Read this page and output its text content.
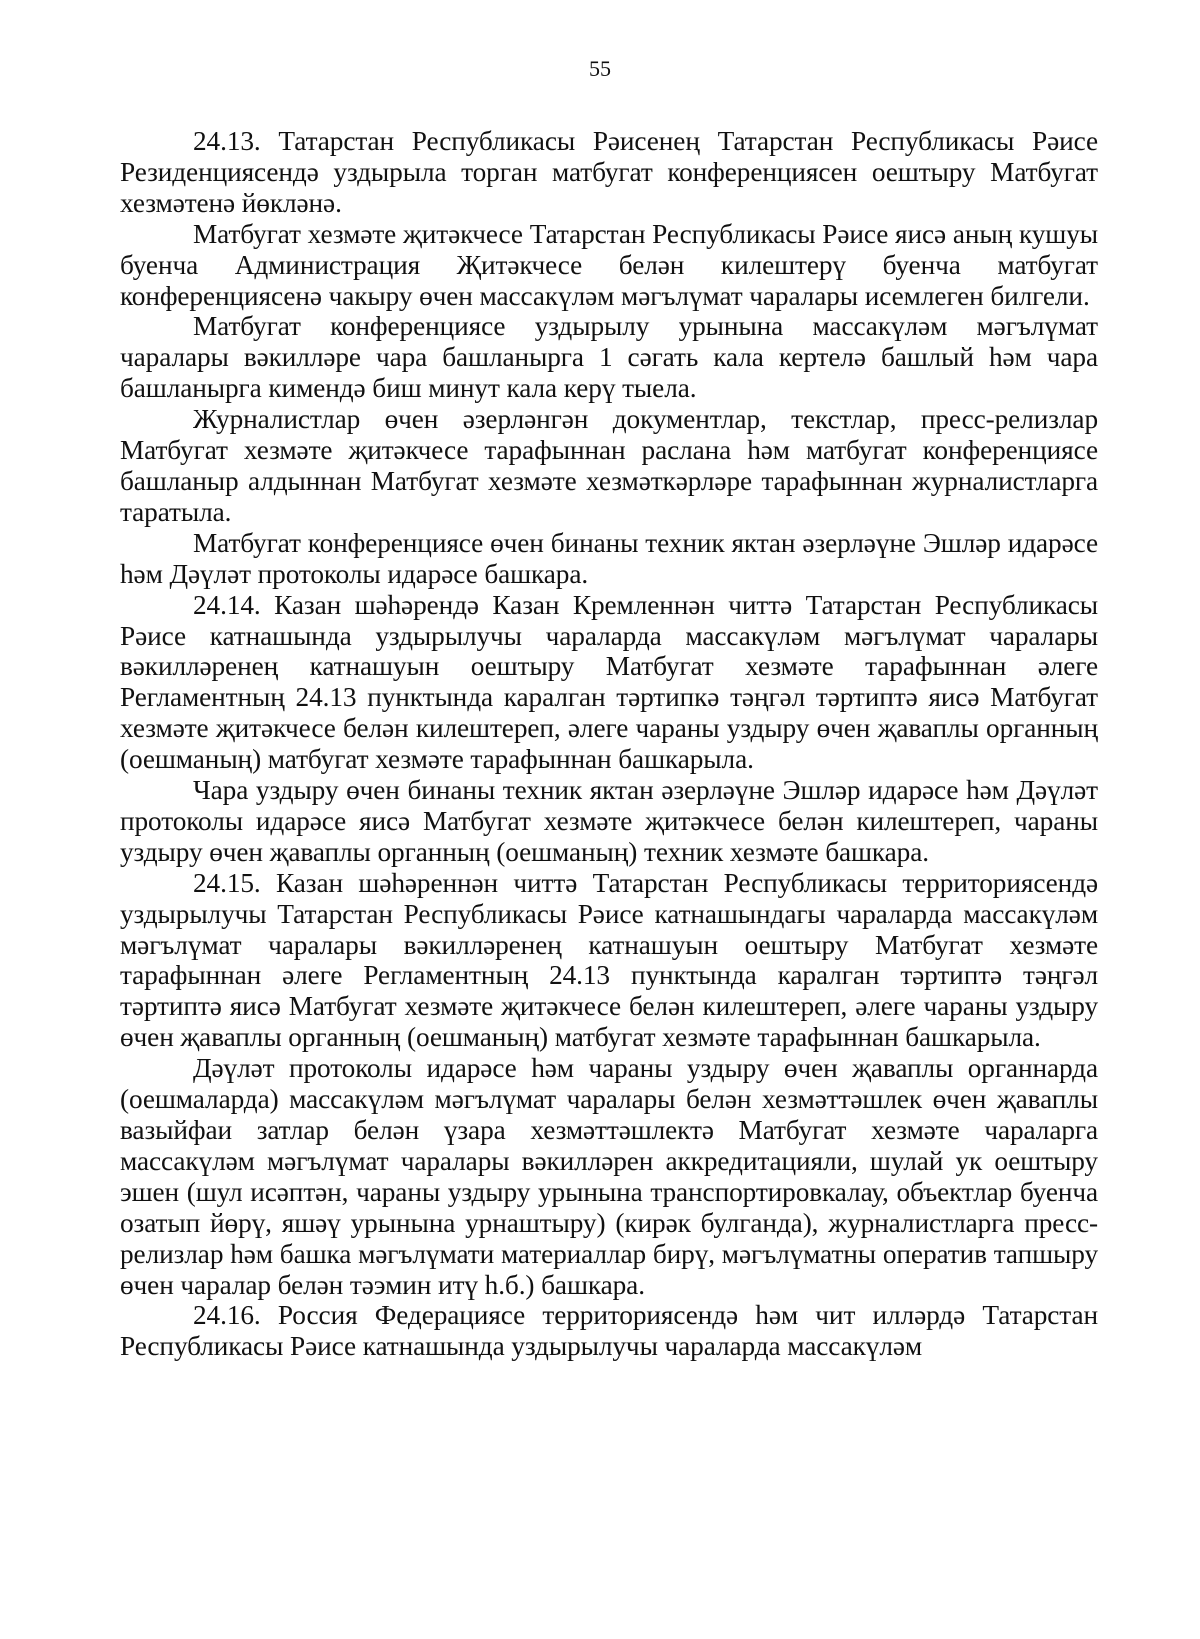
55

24.13. Татарстан Республикасы Рәисенең Татарстан Республикасы Рәисе Резиденциясендә уздырыла торган матбугат конференциясен оештыру Матбугат хезмәтенә йөкләнә.

Матбугат хезмәте җитәкчесе Татарстан Республикасы Рәисе яисә аның кушуы буенча Администрация Җитәкчесе белән килештерү буенча матбугат конференциясенә чакыру өчен массакүләм мәгълүмат чаралары исемлеген билгели.

Матбугат конференциясе уздырылу урынына массакүләм мәгълүмат чаралары вәкилләре чара башланырга 1 сәгать кала кертелә башлый һәм чара башланырга кимендә биш минут кала керү тыела.

Журналистлар өчен әзерләнгән документлар, текстлар, пресс-релизлар Матбугат хезмәте җитәкчесе тарафыннан раслана һәм матбугат конференциясе башланыр алдыннан Матбугат хезмәте хезмәткәрләре тарафыннан журналистларга таратыла.

Матбугат конференциясе өчен бинаны техник яктан әзерләүне Эшләр идарәсе һәм Дәүләт протоколы идарәсе башкара.

24.14. Казан шәһәрендә Казан Кремленнән читтә Татарстан Республикасы Рәисе катнашында уздырылучы чараларда массакүләм мәгълүмат чаралары вәкилләренең катнашуын оештыру Матбугат хезмәте тарафыннан әлеге Регламентның 24.13 пунктында каралган тәртипкә тәңгәл тәртиптә яисә Матбугат хезмәте җитәкчесе белән килештереп, әлеге чараны уздыру өчен җаваплы органның (оешманың) матбугат хезмәте тарафыннан башкарыла.

Чара уздыру өчен бинаны техник яктан әзерләүне Эшләр идарәсе һәм Дәүләт протоколы идарәсе яисә Матбугат хезмәте җитәкчесе белән килештереп, чараны уздыру өчен җаваплы органның (оешманың) техник хезмәте башкара.

24.15. Казан шәһәреннән читтә Татарстан Республикасы территориясендә уздырылучы Татарстан Республикасы Рәисе катнашындагы чараларда массакүләм мәгълүмат чаралары вәкилләренең катнашуын оештыру Матбугат хезмәте тарафыннан әлеге Регламентның 24.13 пунктында каралган тәртиптә тәңгәл тәртиптә яисә Матбугат хезмәте җитәкчесе белән килештереп, әлеге чараны уздыру өчен җаваплы органның (оешманың) матбугат хезмәте тарафыннан башкарыла.

Дәүләт протоколы идарәсе һәм чараны уздыру өчен җаваплы органнарда (оешмаларда) массакүләм мәгълүмат чаралары белән хезмәттәшлек өчен җаваплы вазыйфаи затлар белән үзара хезмәттәшлектә Матбугат хезмәте чараларга массакүләм мәгълүмат чаралары вәкилләрен аккредитацияли, шулай ук оештыру эшен (шул исәптән, чараны уздыру урынына транспортировкалау, объектлар буенча озатып йөрү, яшәү урынына урнаштыру) (кирәк булганда), журналистларга пресс-релизлар һәм башка мәгълүмати материаллар бирү, мәгълүматны оператив тапшыру өчен чаралар белән тәэмин итү һ.б.) башкара.

24.16. Россия Федерациясе территориясендә һәм чит илләрдә Татарстан Республикасы Рәисе катнашында уздырылучы чараларда массакүләм
